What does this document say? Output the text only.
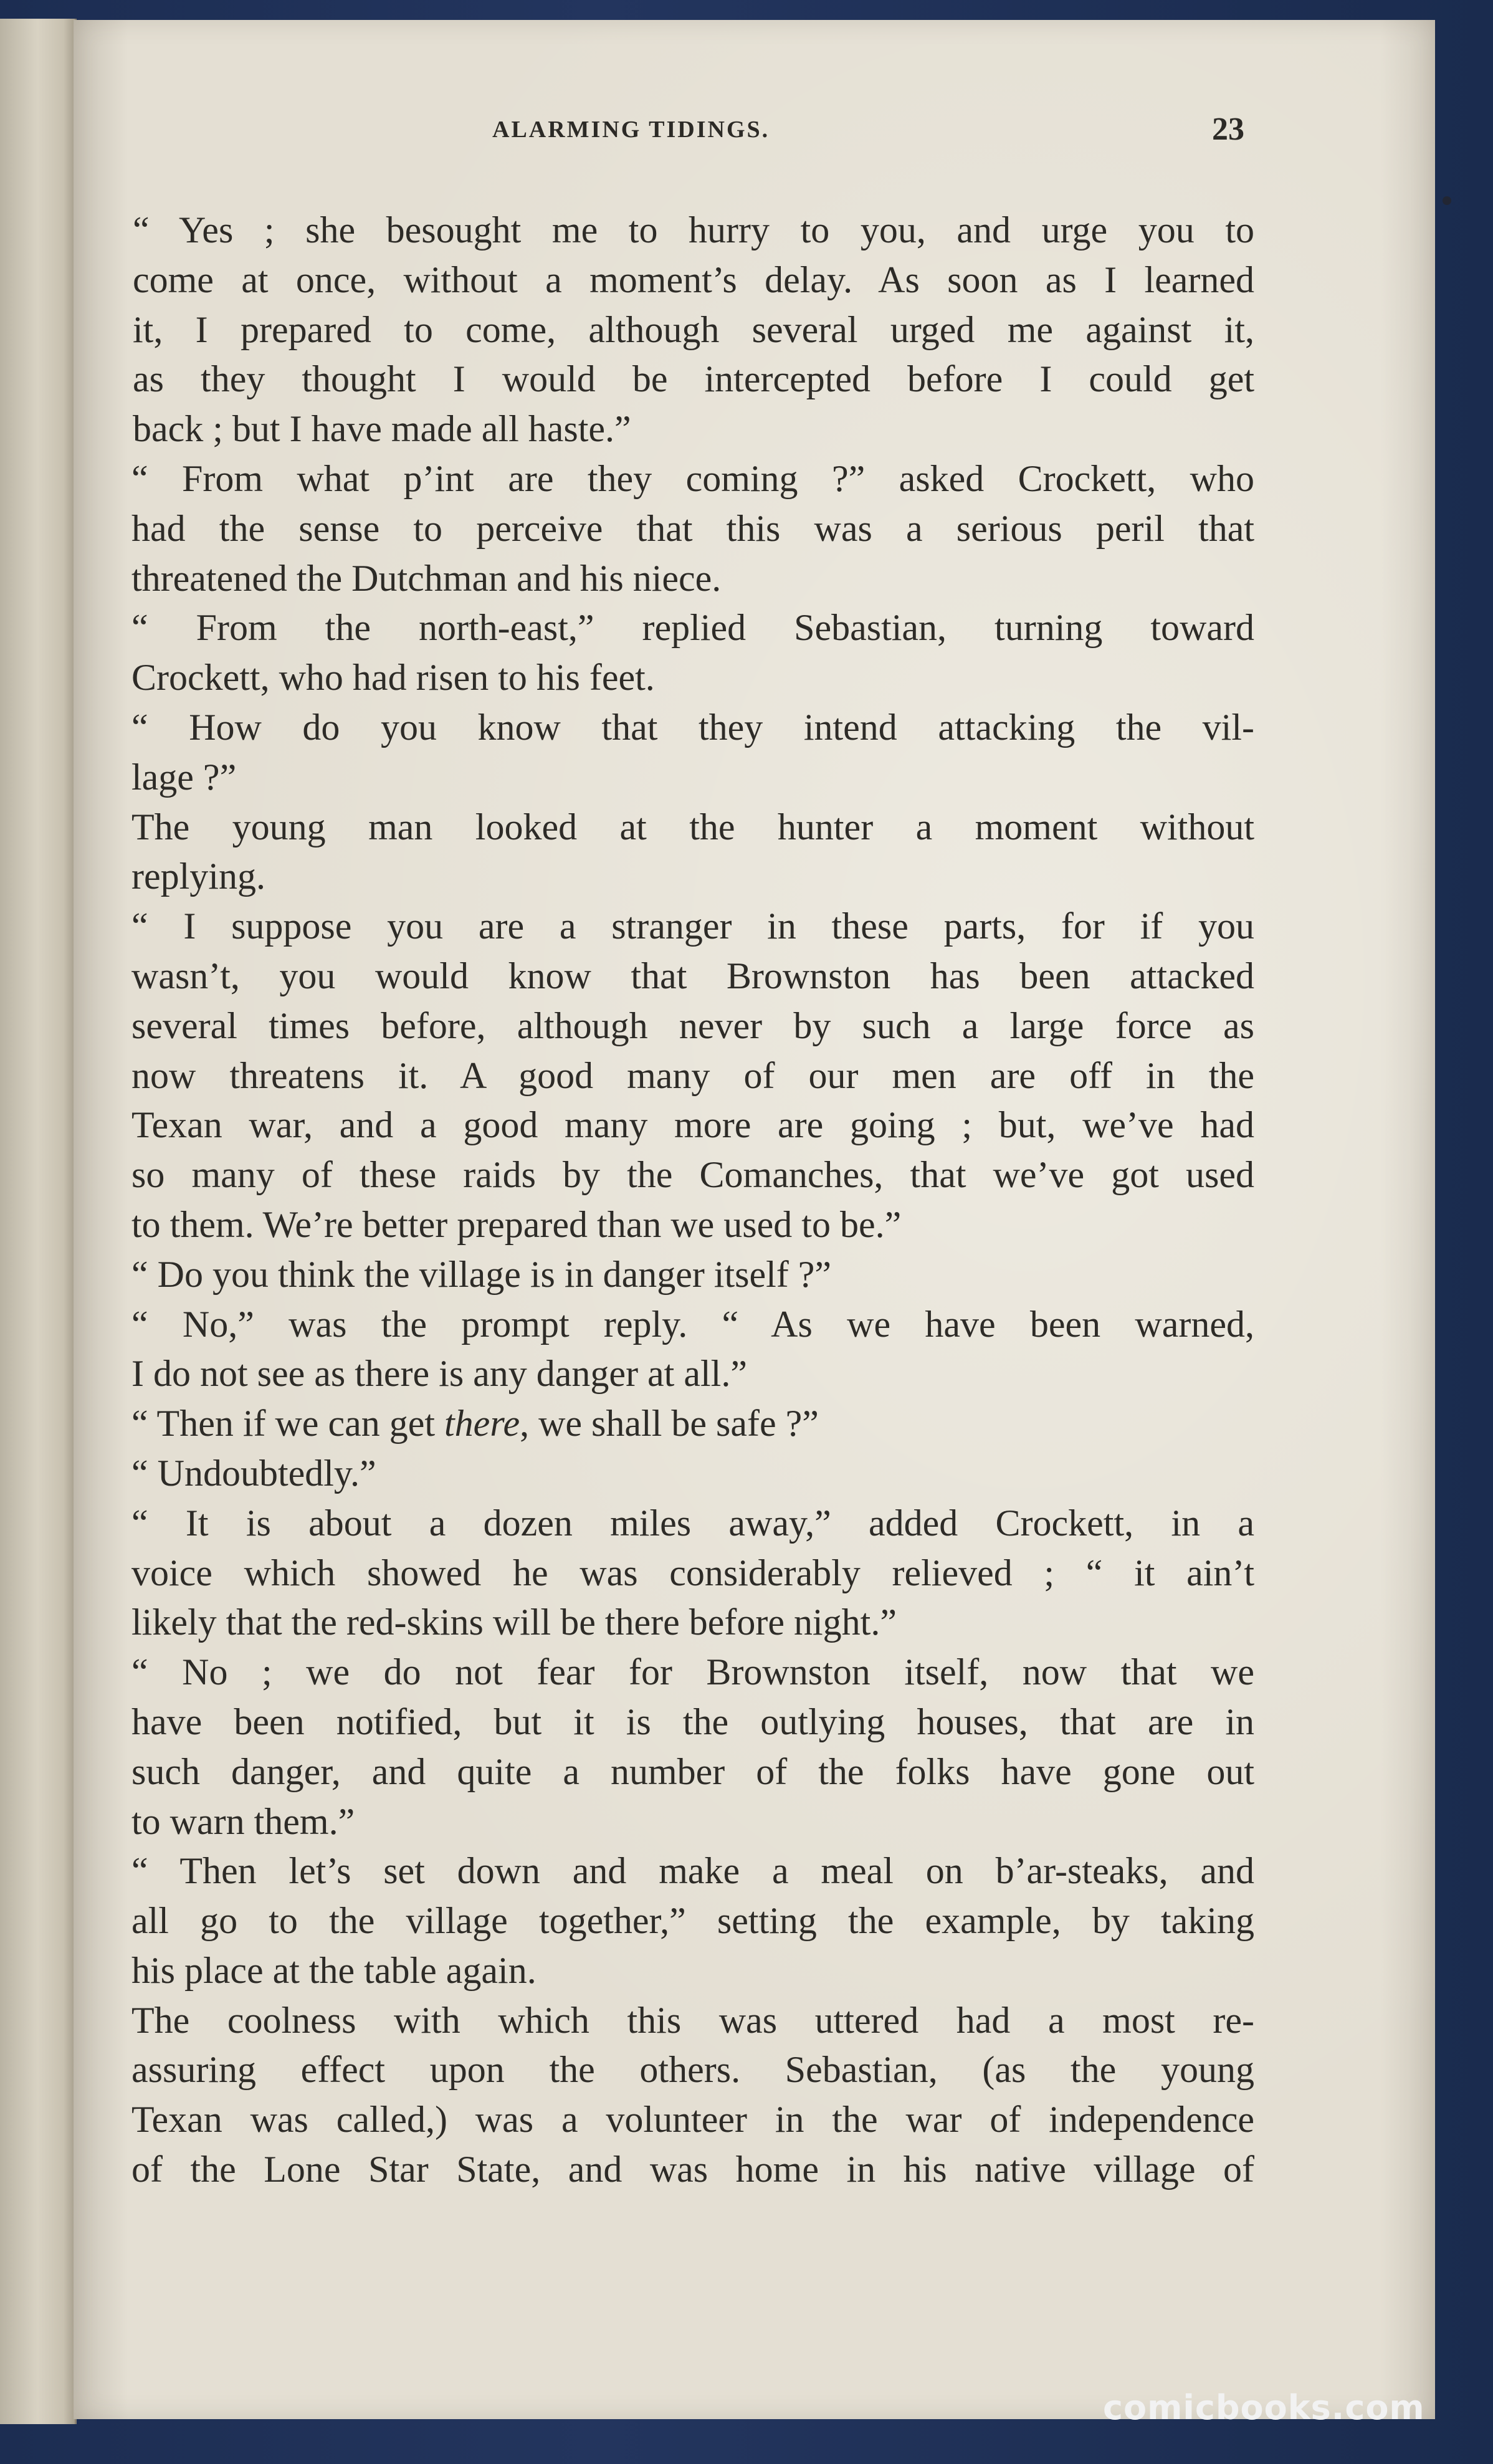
ALARMING TIDINGS.	23

“ Yes ; she besought me to hurry to you, and urge you to
come at once, without a moment’s delay. As soon as I learned
it, I prepared to come, although several urged me against it,
as they thought I would be intercepted before I could get
back ; but I have made all haste.”

“ From what p’int are they coming ?” asked Crockett, who
had the sense to perceive that this was a serious peril that
threatened the Dutchman and his niece.

“ From the north-east,” replied Sebastian, turning toward
Crockett, who had risen to his feet.

“ How do you know that they intend attacking the vil-
lage ?”

The young man looked at the hunter a moment without
replying.

“ I suppose you are a stranger in these parts, for if you
wasn’t, you would know that Brownston has been attacked
several times before, although never by such a large force as
now threatens it. A good many of our men are off in the
Texan war, and a good many more are going ; but, we’ve had
so many of these raids by the Comanches, that we’ve got used
to them. We’re better prepared than we used to be.”

“ Do you think the village is in danger itself ?”

“ No,” was the prompt reply. “ As we have been warned,
I do not see as there is any danger at all.”

“ Then if we can get there, we shall be safe ?”

“ Undoubtedly.”

“ It is about a dozen miles away,” added Crockett, in a
voice which showed he was considerably relieved ; “ it ain’t
likely that the red-skins will be there before night.”

“ No ; we do not fear for Brownston itself, now that we
have been notified, but it is the outlying houses, that are in
such danger, and quite a number of the folks have gone out
to warn them.”

“ Then let’s set down and make a meal on b’ar-steaks, and
all go to the village together,” setting the example, by taking
his place at the table again.

The coolness with which this was uttered had a most re-
assuring effect upon the others. Sebastian, (as the young
Texan was called,) was a volunteer in the war of independence
of the Lone Star State, and was home in his native village of

comicbooks.com
